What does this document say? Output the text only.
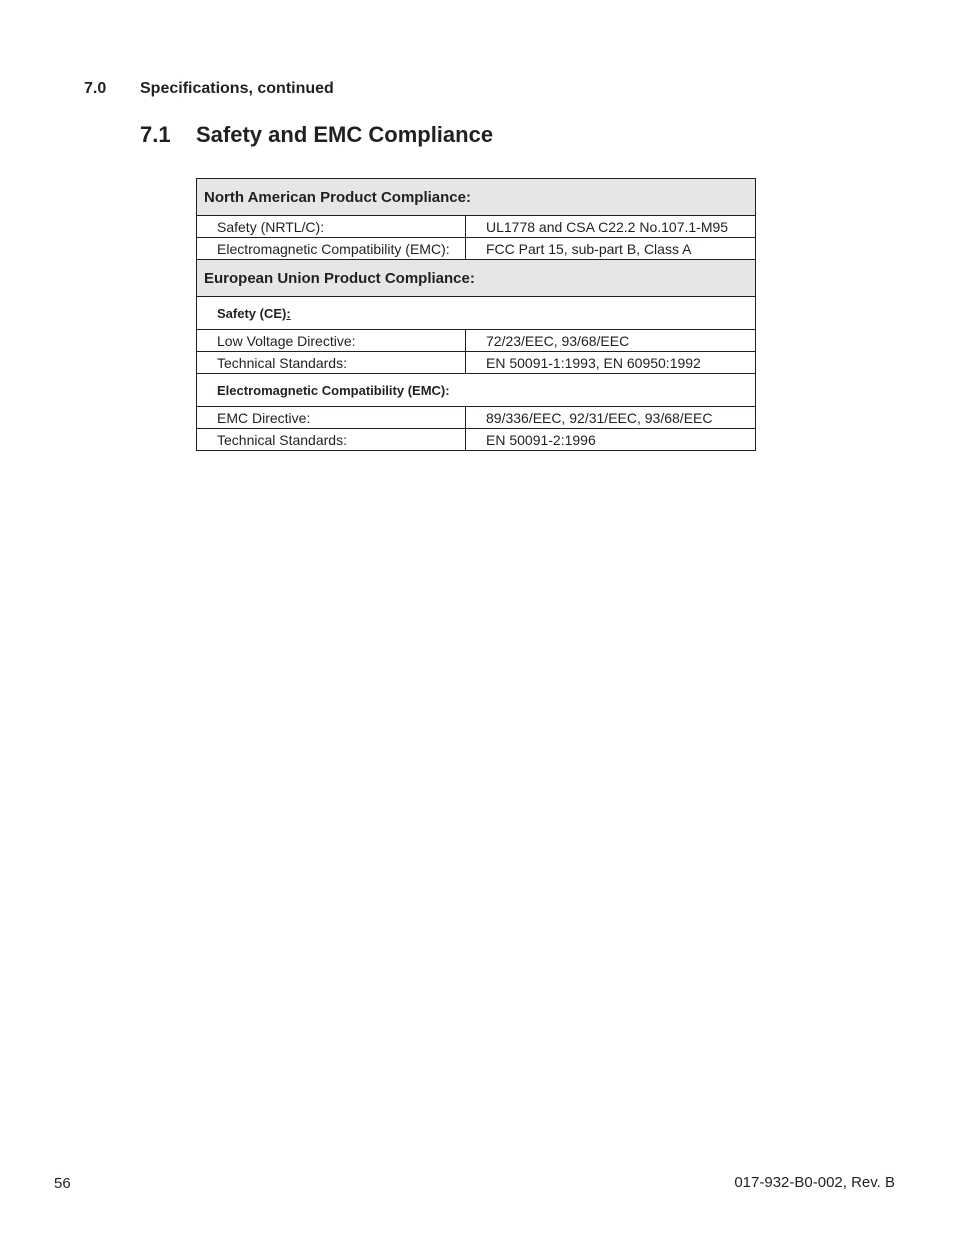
7.0 Specifications, continued
7.1 Safety and EMC Compliance
North American Product Compliance:	
Safety (NRTL/C):	UL1778 and CSA C22.2 No.107.1-M95
Electromagnetic Compatibility (EMC):	FCC Part 15, sub-part B, Class A
European Union Product Compliance:	
Safety (CE):	
Low Voltage Directive:	72/23/EEC, 93/68/EEC
Technical Standards:	EN 50091-1:1993, EN 60950:1992
Electromagnetic Compatibility (EMC):	
EMC Directive:	89/336/EEC, 92/31/EEC, 93/68/EEC
Technical Standards:	EN 50091-2:1996
56	017-932-B0-002, Rev. B
